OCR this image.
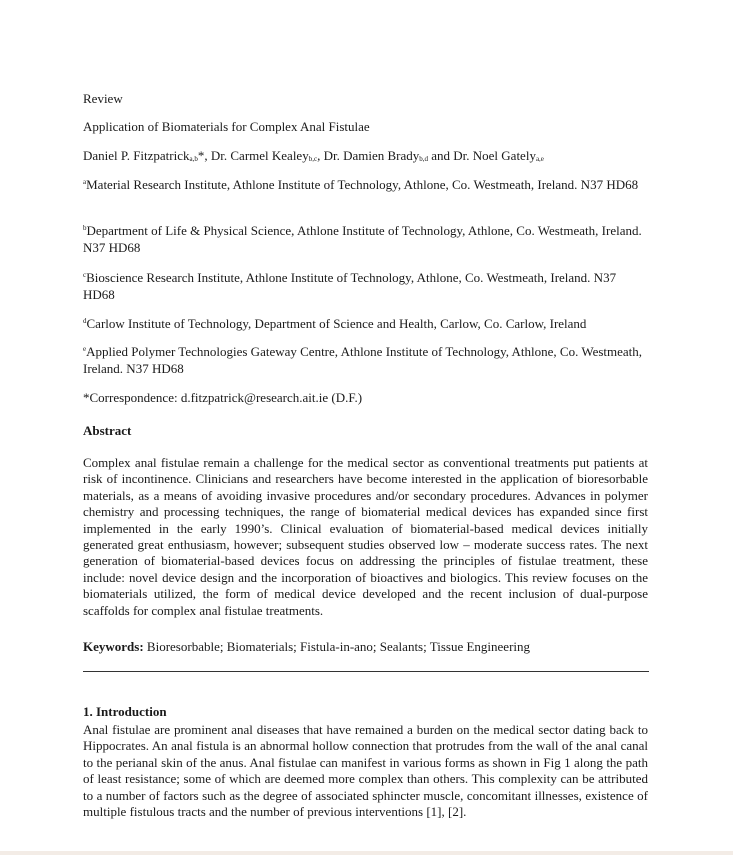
Review
Application of Biomaterials for Complex Anal Fistulae
Daniel P. Fitzpatrick$_{a,b}$*, Dr. Carmel Kealey$_{b,c}$, Dr. Damien Brady$_{b,d}$ and Dr. Noel Gately$_{a,e}$
$^a$Material Research Institute, Athlone Institute of Technology, Athlone, Co. Westmeath, Ireland. N37 HD68
$^b$Department of Life & Physical Science, Athlone Institute of Technology, Athlone, Co. Westmeath, Ireland. N37 HD68
$^c$Bioscience Research Institute, Athlone Institute of Technology, Athlone, Co. Westmeath, Ireland. N37 HD68
$^d$Carlow Institute of Technology, Department of Science and Health, Carlow, Co. Carlow, Ireland
$^e$Applied Polymer Technologies Gateway Centre, Athlone Institute of Technology, Athlone, Co. Westmeath, Ireland. N37 HD68
*Correspondence: d.fitzpatrick@research.ait.ie (D.F.)
Abstract
Complex anal fistulae remain a challenge for the medical sector as conventional treatments put patients at risk of incontinence. Clinicians and researchers have become interested in the application of bioresorbable materials, as a means of avoiding invasive procedures and/or secondary procedures. Advances in polymer chemistry and processing techniques, the range of biomaterial medical devices has expanded since first implemented in the early 1990’s. Clinical evaluation of biomaterial-based medical devices initially generated great enthusiasm, however; subsequent studies observed low – moderate success rates. The next generation of biomaterial-based devices focus on addressing the principles of fistulae treatment, these include: novel device design and the incorporation of bioactives and biologics. This review focuses on the biomaterials utilized, the form of medical device developed and the recent inclusion of dual-purpose scaffolds for complex anal fistulae treatments.
Keywords: Bioresorbable; Biomaterials; Fistula-in-ano; Sealants; Tissue Engineering
1. Introduction
Anal fistulae are prominent anal diseases that have remained a burden on the medical sector dating back to Hippocrates. An anal fistula is an abnormal hollow connection that protrudes from the wall of the anal canal to the perianal skin of the anus. Anal fistulae can manifest in various forms as shown in Fig 1 along the path of least resistance; some of which are deemed more complex than others. This complexity can be attributed to a number of factors such as the degree of associated sphincter muscle, concomitant illnesses, existence of multiple fistulous tracts and the number of previous interventions [1], [2].
